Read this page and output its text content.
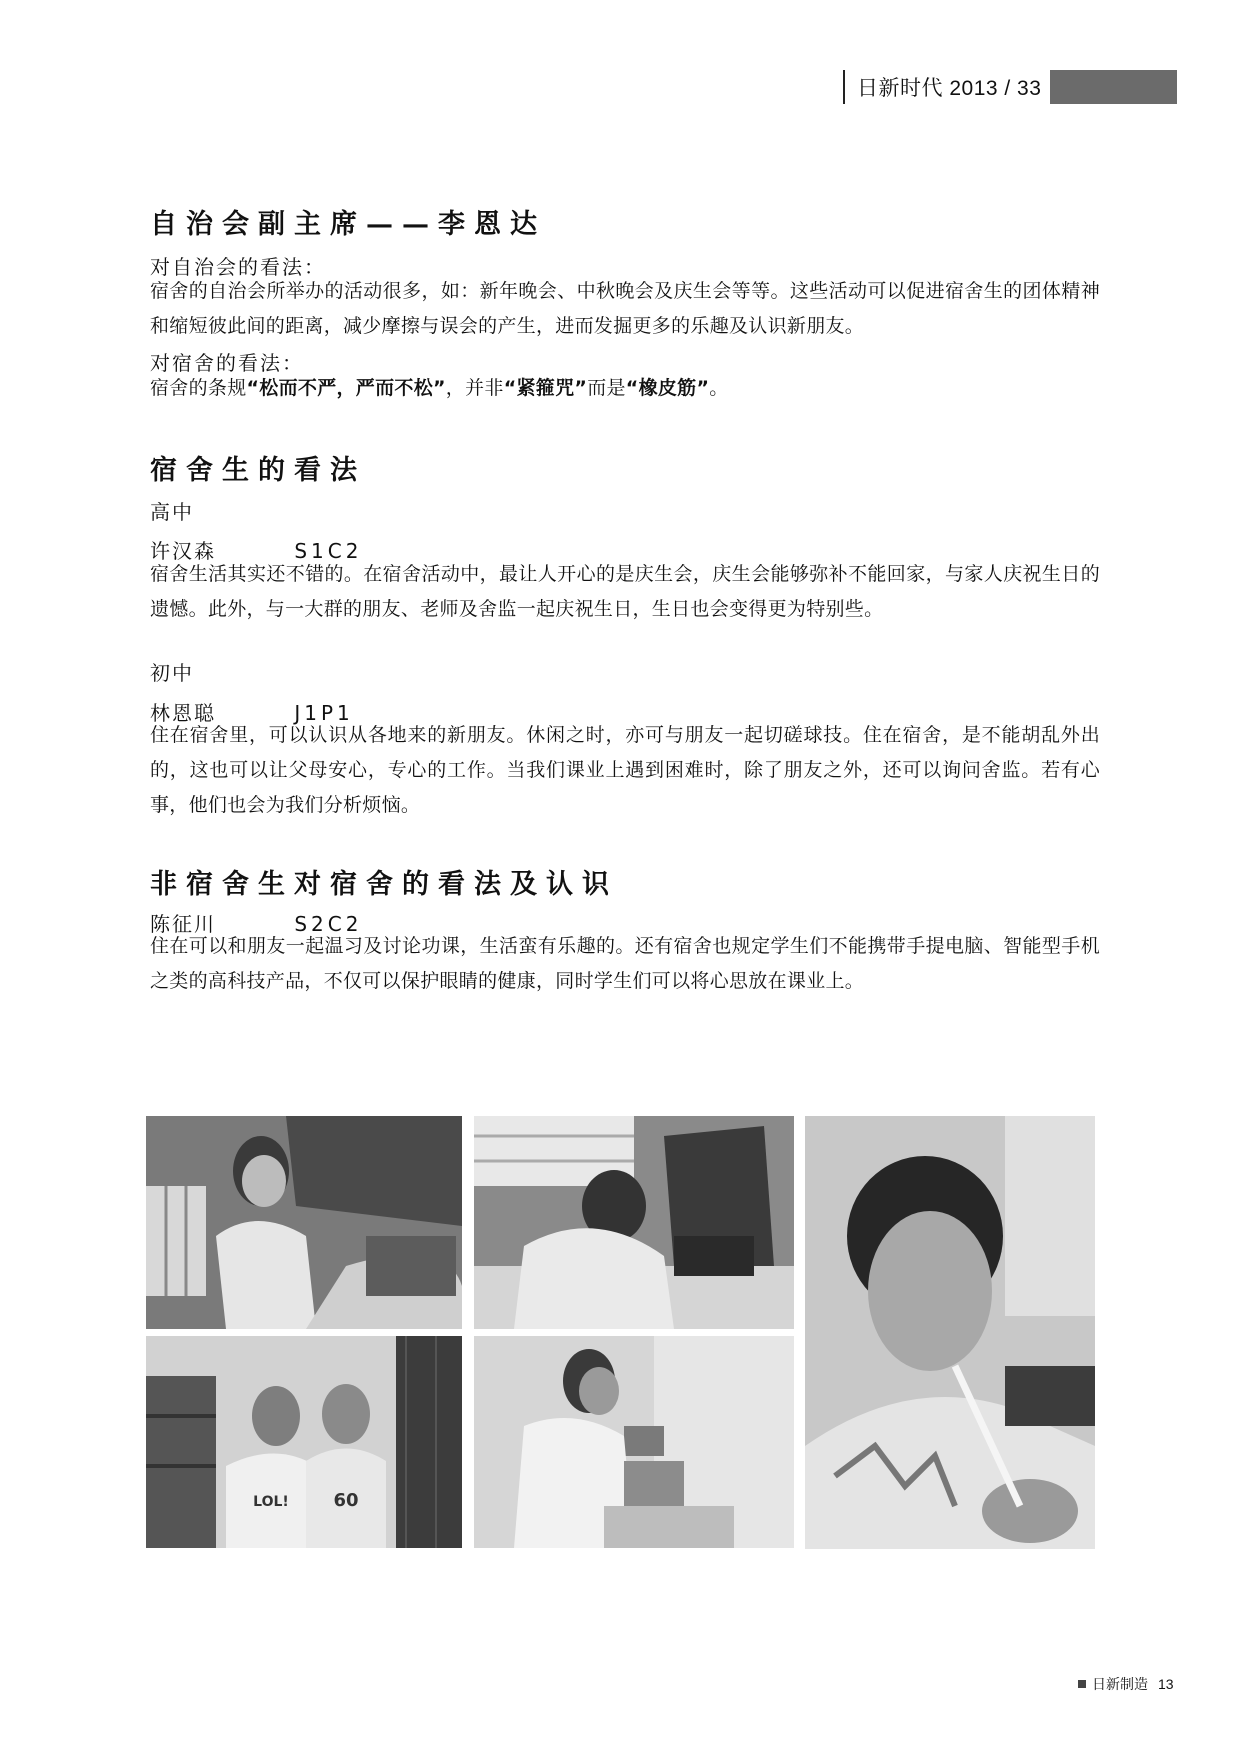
日新时代 2013 / 33
自治会副主席——李恩达
对自治会的看法：
宿舍的自治会所举办的活动很多，如：新年晚会、中秋晚会及庆生会等等。这些活动可以促进宿舍生的团体精神和缩短彼此间的距离，减少摩擦与误会的产生，进而发掘更多的乐趣及认识新朋友。
对宿舍的看法：
宿舍的条规“松而不严，严而不松”，并非“紧箍咒”而是“橡皮筋”。
宿舍生的看法
高中
许汉森	S1C2
宿舍生活其实还不错的。在宿舍活动中，最让人开心的是庆生会，庆生会能够弥补不能回家，与家人庆祝生日的遗憾。此外，与一大群的朋友、老师及舍监一起庆祝生日，生日也会变得更为特别些。
初中
林恩聪	J1P1
住在宿舍里，可以认识从各地来的新朋友。休闲之时，亦可与朋友一起切磋球技。住在宿舍，是不能胡乱外出的，这也可以让父母安心，专心的工作。当我们课业上遇到困难时，除了朋友之外，还可以询问舍监。若有心事，他们也会为我们分析烦恼。
非宿舍生对宿舍的看法及认识
陈征川	S2C2
住在可以和朋友一起温习及讨论功课，生活蛮有乐趣的。还有宿舍也规定学生们不能携带手提电脑、智能型手机之类的高科技产品，不仅可以保护眼睛的健康，同时学生们可以将心思放在课业上。
LOL! 60
日新制造 13
